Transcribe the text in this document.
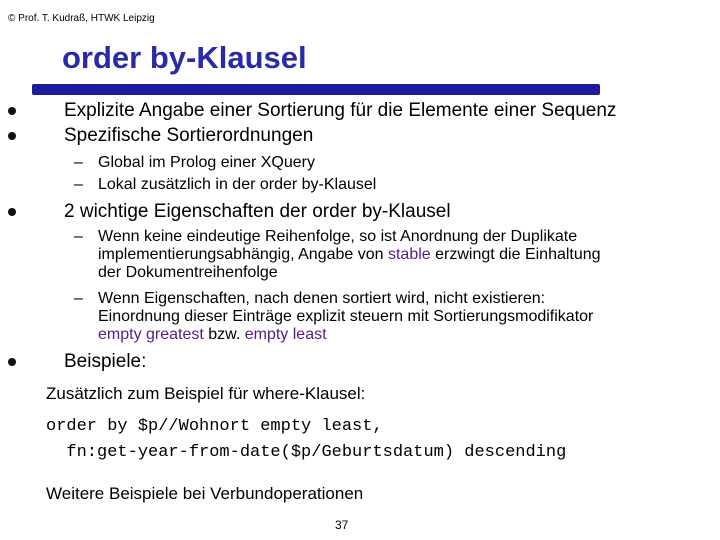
© Prof. T. Kudraß, HTWK Leipzig
order by-Klausel
Explizite Angabe einer Sortierung für die Elemente einer Sequenz
Spezifische Sortierordnungen
– Global im Prolog einer XQuery
– Lokal zusätzlich in der order by-Klausel
2 wichtige Eigenschaften der order by-Klausel
– Wenn keine eindeutige Reihenfolge, so ist Anordnung der Duplikate
implementierungsabhängig, Angabe von stable erzwingt die Einhaltung
der Dokumentreihenfolge
– Wenn Eigenschaften, nach denen sortiert wird, nicht existieren:
Einordnung dieser Einträge explizit steuern mit Sortierungsmodifikator
empty greatest bzw. empty least
Beispiele:
Zusätzlich zum Beispiel für where-Klausel:
order by $p//Wohnort empty least,
fn:get-year-from-date($p/Geburtsdatum) descending
Weitere Beispiele bei Verbundoperationen
37
